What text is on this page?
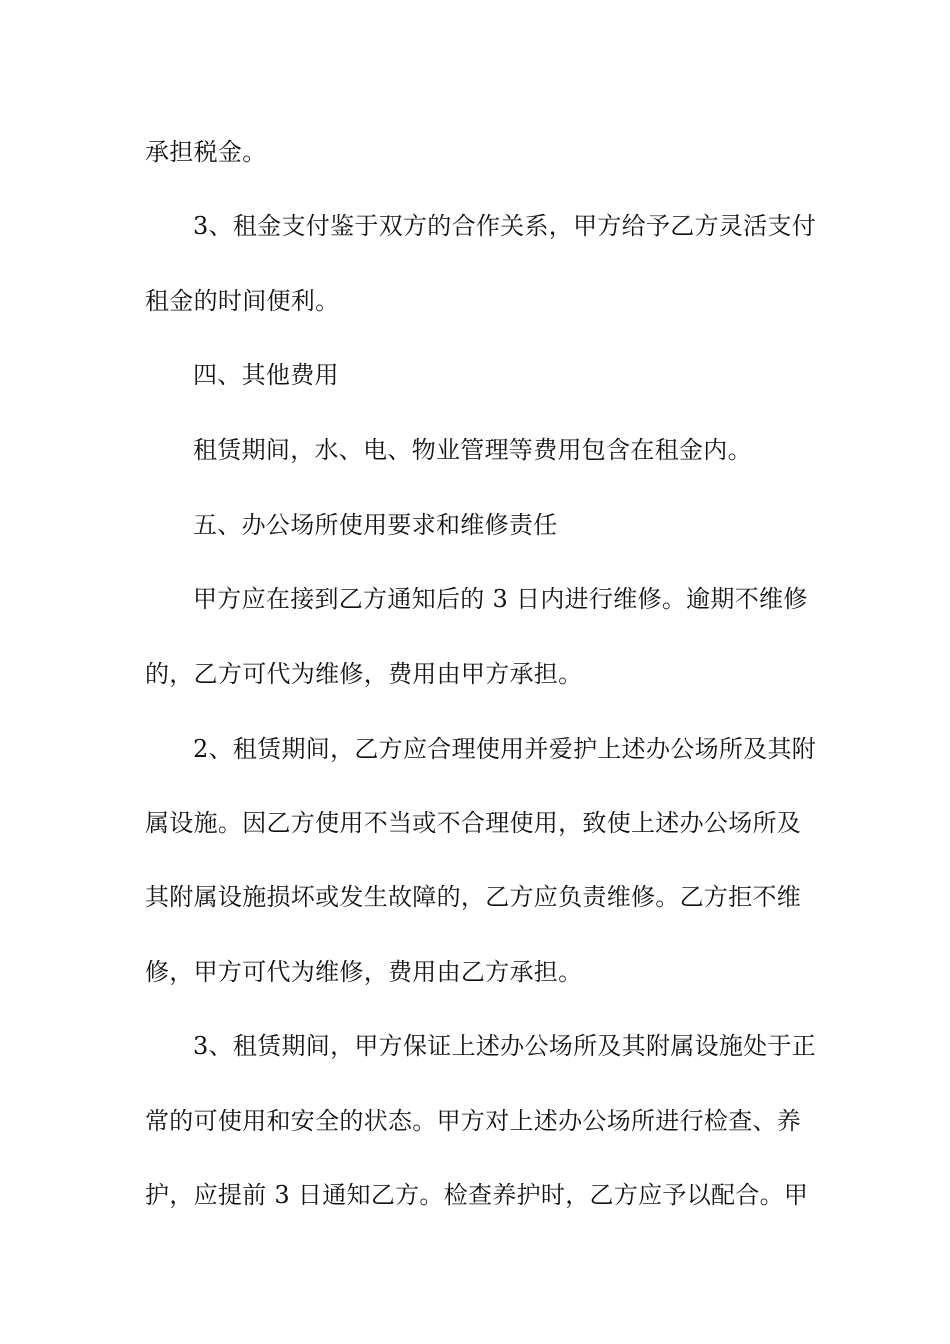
承担税金。
3、租金支付鉴于双方的合作关系，甲方给予乙方灵活支付
租金的时间便利。
四、其他费用
租赁期间，水、电、物业管理等费用包含在租金内。
五、办公场所使用要求和维修责任
甲方应在接到乙方通知后的 3 日内进行维修。逾期不维修
的，乙方可代为维修，费用由甲方承担。
2、租赁期间，乙方应合理使用并爱护上述办公场所及其附
属设施。因乙方使用不当或不合理使用，致使上述办公场所及
其附属设施损坏或发生故障的，乙方应负责维修。乙方拒不维
修，甲方可代为维修，费用由乙方承担。
3、租赁期间，甲方保证上述办公场所及其附属设施处于正
常的可使用和安全的状态。甲方对上述办公场所进行检查、养
护，应提前 3 日通知乙方。检查养护时，乙方应予以配合。甲
